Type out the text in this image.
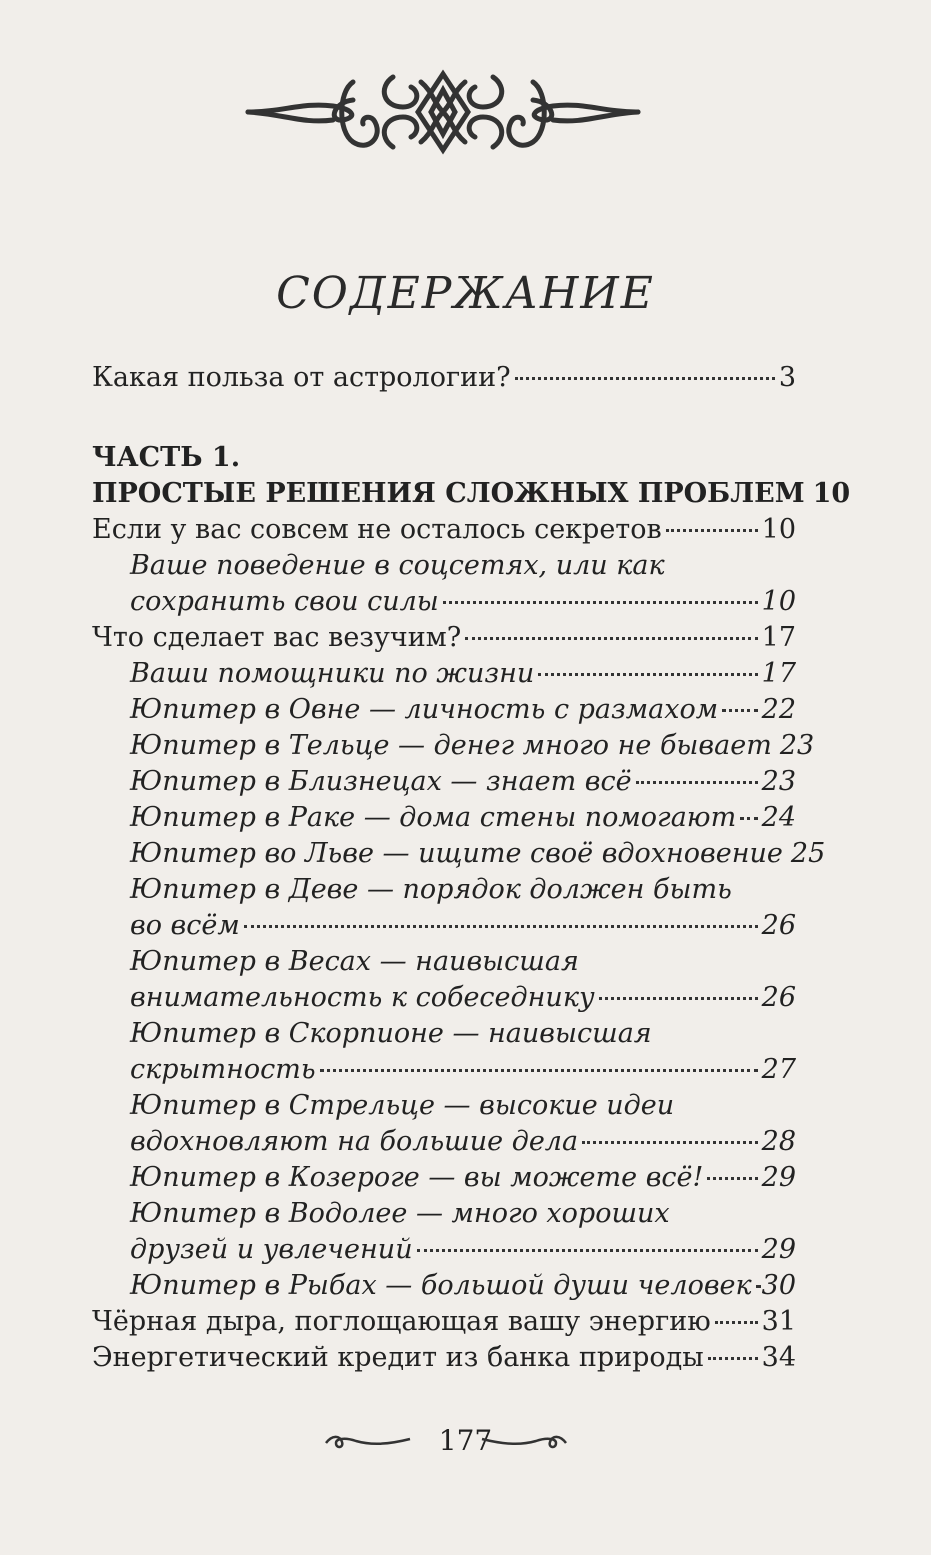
СОДЕРЖАНИЕ
Какая польза от астрологии?	3
ЧАСТЬ 1.
ПРОСТЫЕ РЕШЕНИЯ СЛОЖНЫХ ПРОБЛЕМ 10
Если у вас совсем не осталось секретов	10
Ваше поведение в соцсетях, или как
сохранить свои силы	10
Что сделает вас везучим?	17
Ваши помощники по жизни	17
Юпитер в Овне — личность с размахом 22
Юпитер в Тельце — денег много не бывает 23
Юпитер в Близнецах — знает всё	23
Юпитер в Раке — дома стены помогают 24
Юпитер во Льве — ищите своё вдохновение 25
Юпитер в Деве — порядок должен быть
во всём	26
Юпитер в Весах — наивысшая
внимательность к собеседнику	26
Юпитер в Скорпионе — наивысшая
скрытность	27
Юпитер в Стрельце — высокие идеи
вдохновляют на большие дела	28
Юпитер в Козероге — вы можете всё! 29
Юпитер в Водолее — много хороших
друзей и увлечений	29
Юпитер в Рыбах — большой души человек 30
Чёрная дыра, поглощающая вашу энергию 31
Энергетический кредит из банка природы 34
177
